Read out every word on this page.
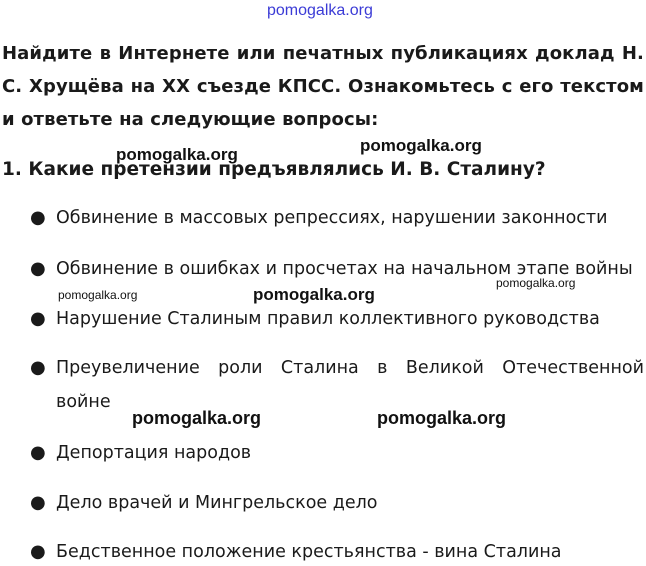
pomogalka.org
Найдите в Интернете или печатных публикациях доклад Н. С. Хрущёва на XX съезде КПСС. Ознакомьтесь с его текстом и ответьте на следующие вопросы:
1. Какие претензии предъявлялись И. В. Сталину?
pomogalka.org	pomogalka.org
● Обвинение в массовых репрессиях, нарушении законности
● Обвинение в ошибках и просчетах на начальном этапе войны
● Нарушение Сталиным правил коллективного руководства
● Преувеличение роли Сталина в Великой Отечественной
войне
● Депортация народов
● Дело врачей и Мингрельское дело
● Бедственное положение крестьянства - вина Сталина
pomogalka.org	pomogalka.org
pomogalka.org
pomogalka.org	pomogalka.org
